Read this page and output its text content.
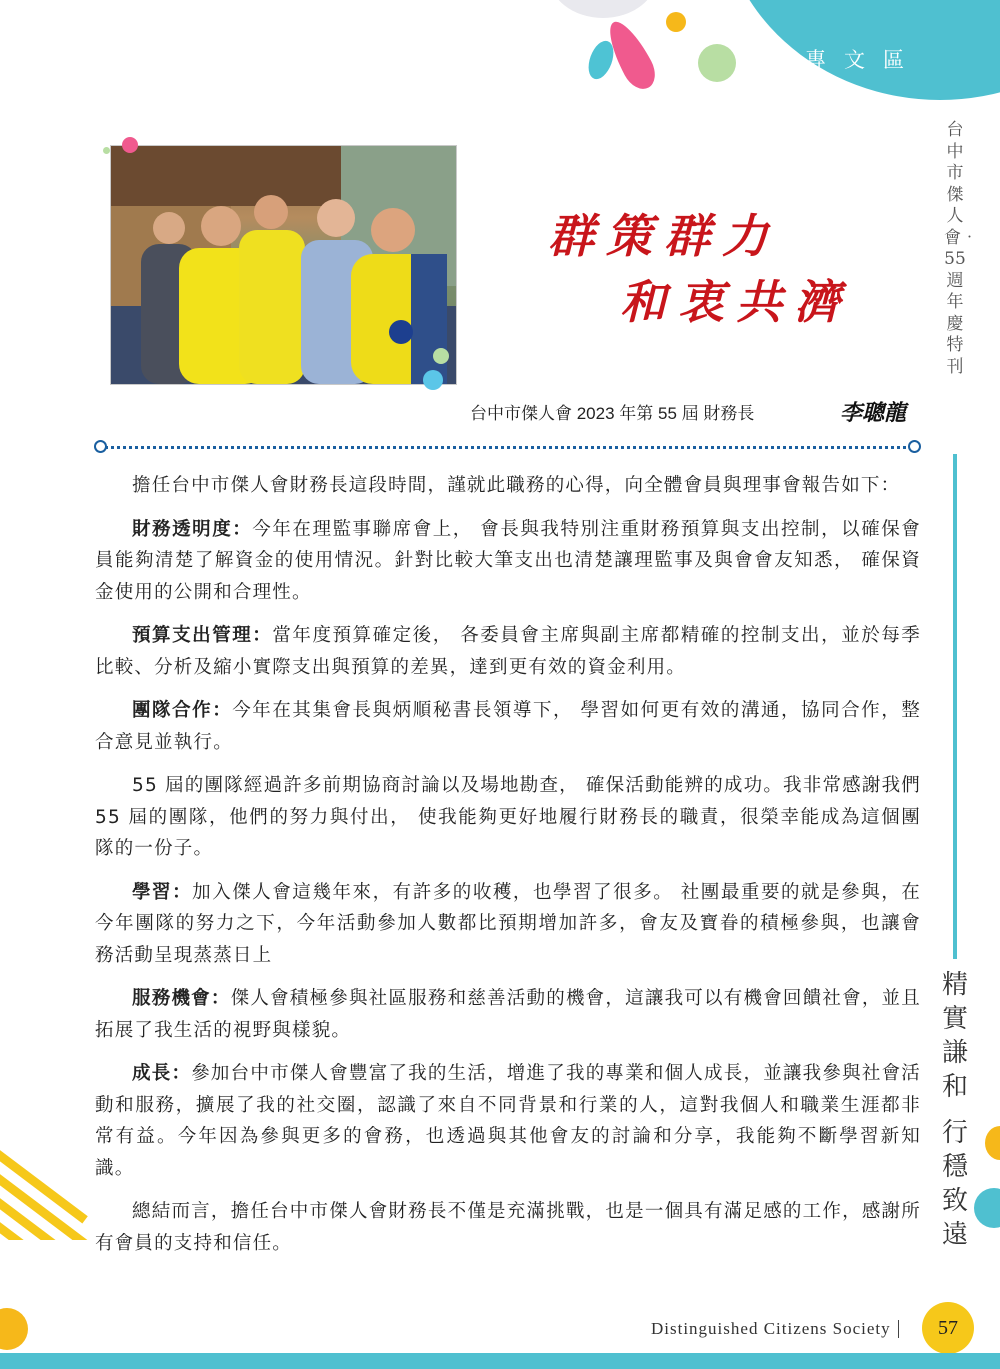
專文區
群策群力
和衷共濟
台中市傑人會 2023 年第 55 屆 財務長	李聰龍

擔任台中市傑人會財務長這段時間，謹就此職務的心得，向全體會員與理事會報告如下：

財務透明度：今年在理監事聯席會上， 會長與我特別注重財務預算與支出控制，以確保會員能夠清楚了解資金的使用情況。針對比較大筆支出也清楚讓理監事及與會會友知悉， 確保資金使用的公開和合理性。

預算支出管理：當年度預算確定後， 各委員會主席與副主席都精確的控制支出，並於每季比較、分析及縮小實際支出與預算的差異，達到更有效的資金利用。

團隊合作：今年在其集會長與炳順秘書長領導下， 學習如何更有效的溝通，協同合作，整合意見並執行。

55 屆的團隊經過許多前期協商討論以及場地勘查， 確保活動能辨的成功。我非常感謝我們 55 屆的團隊，他們的努力與付出， 使我能夠更好地履行財務長的職責，很榮幸能成為這個團隊的一份子。

學習：加入傑人會這幾年來，有許多的收穫，也學習了很多。 社團最重要的就是參與，在今年團隊的努力之下，今年活動參加人數都比預期增加許多，會友及寶眷的積極參與，也讓會務活動呈現蒸蒸日上

服務機會：傑人會積極參與社區服務和慈善活動的機會，這讓我可以有機會回饋社會，並且拓展了我生活的視野與樣貌。

成長：參加台中市傑人會豐富了我的生活，增進了我的專業和個人成長，並讓我參與社會活動和服務，擴展了我的社交圈，認識了來自不同背景和行業的人，這對我個人和職業生涯都非常有益。今年因為參與更多的會務，也透過與其他會友的討論和分享，我能夠不斷學習新知識。

總結而言，擔任台中市傑人會財務長不僅是充滿挑戰，也是一個具有滿足感的工作，感謝所有會員的支持和信任。

台中市傑人會‧55週年慶特刊
精實謙和
行穩致遠
Distinguished Citizens Society	57
